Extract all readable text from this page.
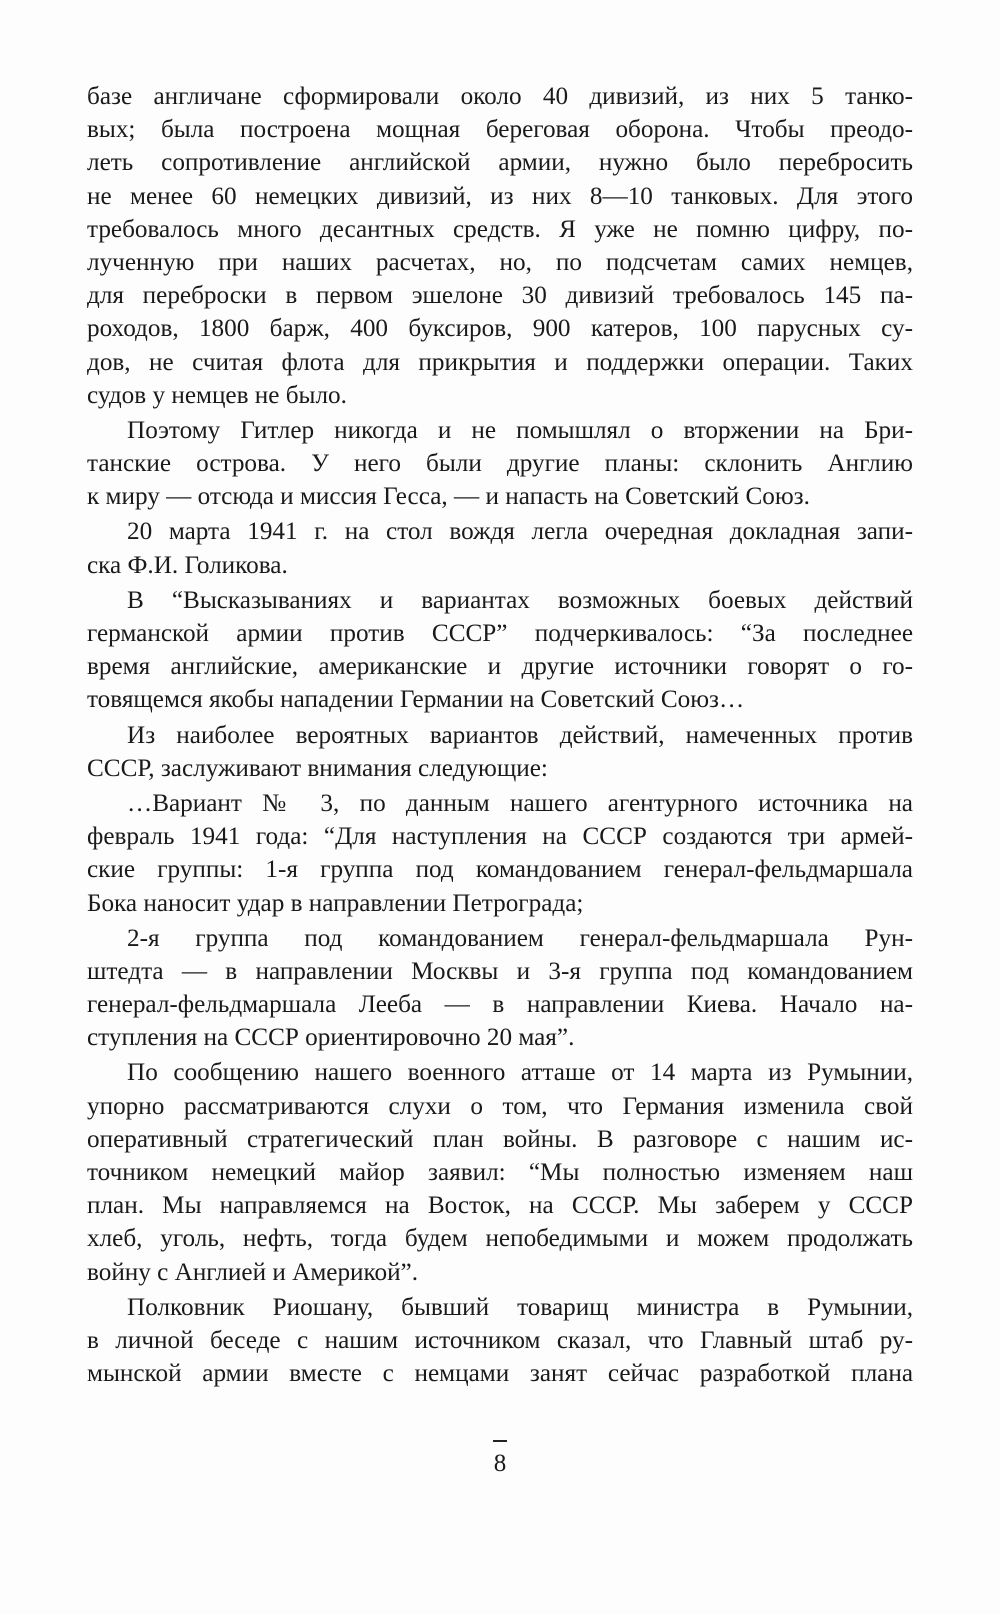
базе англичане сформировали около 40 дивизий, из них 5 танко-
вых; была построена мощная береговая оборона. Чтобы преодо-
леть сопротивление английской армии, нужно было перебросить
не менее 60 немецких дивизий, из них 8—10 танковых. Для этого
требовалось много десантных средств. Я уже не помню цифру, по-
лученную при наших расчетах, но, по подсчетам самих немцев,
для переброски в первом эшелоне 30 дивизий требовалось 145 па-
роходов, 1800 барж, 400 буксиров, 900 катеров, 100 парусных су-
дов, не считая флота для прикрытия и поддержки операции. Таких
судов у немцев не было.
Поэтому Гитлер никогда и не помышлял о вторжении на Бри-
танские острова. У него были другие планы: склонить Англию
к миру — отсюда и миссия Гесса, — и напасть на Советский Союз.
20 марта 1941 г. на стол вождя легла очередная докладная запи-
ска Ф.И. Голикова.
В “Высказываниях и вариантах возможных боевых действий
германской армии против СССР” подчеркивалось: “За последнее
время английские, американские и другие источники говорят о го-
товящемся якобы нападении Германии на Советский Союз…
Из наиболее вероятных вариантов действий, намеченных против
СССР, заслуживают внимания следующие:
…Вариант № 3, по данным нашего агентурного источника на
февраль 1941 года: “Для наступления на СССР создаются три армей-
ские группы: 1-я группа под командованием генерал-фельдмаршала
Бока наносит удар в направлении Петрограда;
2-я группа под командованием генерал-фельдмаршала Рун-
штедта — в направлении Москвы и 3-я группа под командованием
генерал-фельдмаршала Лееба — в направлении Киева. Начало на-
ступления на СССР ориентировочно 20 мая”.
По сообщению нашего военного атташе от 14 марта из Румынии,
упорно рассматриваются слухи о том, что Германия изменила свой
оперативный стратегический план войны. В разговоре с нашим ис-
точником немецкий майор заявил: “Мы полностью изменяем наш
план. Мы направляемся на Восток, на СССР. Мы заберем у СССР
хлеб, уголь, нефть, тогда будем непобедимыми и можем продолжать
войну с Англией и Америкой”.
Полковник Риошану, бывший товарищ министра в Румынии,
в личной беседе с нашим источником сказал, что Главный штаб ру-
мынской армии вместе с немцами занят сейчас разработкой плана
8
